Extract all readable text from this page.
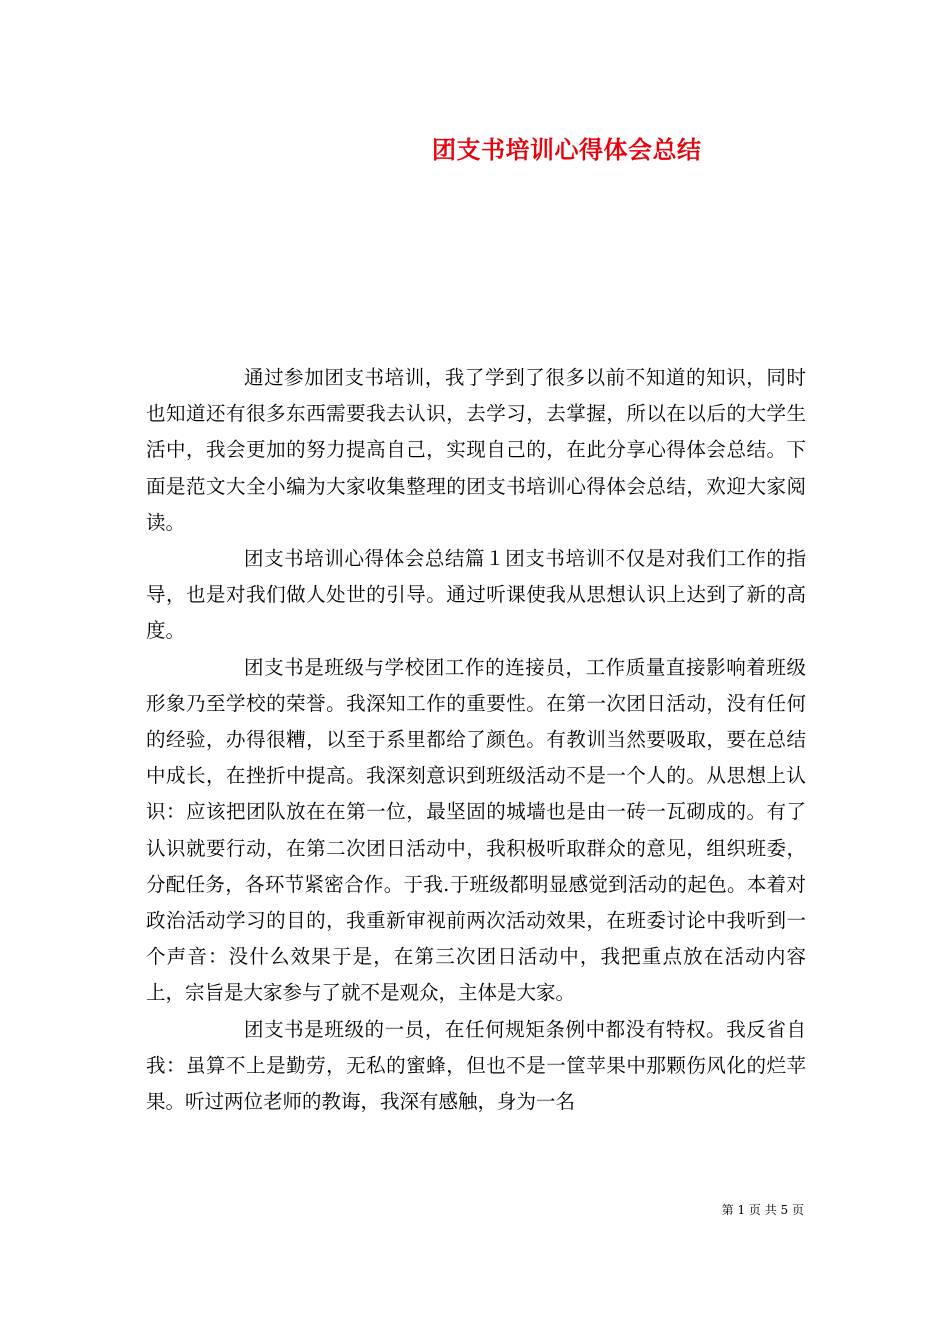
团支书培训心得体会总结

通过参加团支书培训，我了学到了很多以前不知道的知识，同时也知道还有很多东西需要我去认识，去学习，去掌握，所以在以后的大学生活中，我会更加的努力提高自己，实现自己的，在此分享心得体会总结。下面是范文大全小编为大家收集整理的团支书培训心得体会总结，欢迎大家阅读。

团支书培训心得体会总结篇１团支书培训不仅是对我们工作的指导，也是对我们做人处世的引导。通过听课使我从思想认识上达到了新的高度。

团支书是班级与学校团工作的连接员，工作质量直接影响着班级形象乃至学校的荣誉。我深知工作的重要性。在第一次团日活动，没有任何的经验，办得很糟，以至于系里都给了颜色。有教训当然要吸取，要在总结中成长，在挫折中提高。我深刻意识到班级活动不是一个人的。从思想上认识：应该把团队放在在第一位，最坚固的城墙也是由一砖一瓦砌成的。有了认识就要行动，在第二次团日活动中，我积极听取群众的意见，组织班委，分配任务，各环节紧密合作。于我.于班级都明显感觉到活动的起色。本着对政治活动学习的目的，我重新审视前两次活动效果，在班委讨论中我听到一个声音：没什么效果于是，在第三次团日活动中，我把重点放在活动内容上，宗旨是大家参与了就不是观众，主体是大家。

团支书是班级的一员，在任何规矩条例中都没有特权。我反省自我：虽算不上是勤劳，无私的蜜蜂，但也不是一筐苹果中那颗伤风化的烂苹果。听过两位老师的教诲，我深有感触，身为一名

第 1 页 共 5 页
